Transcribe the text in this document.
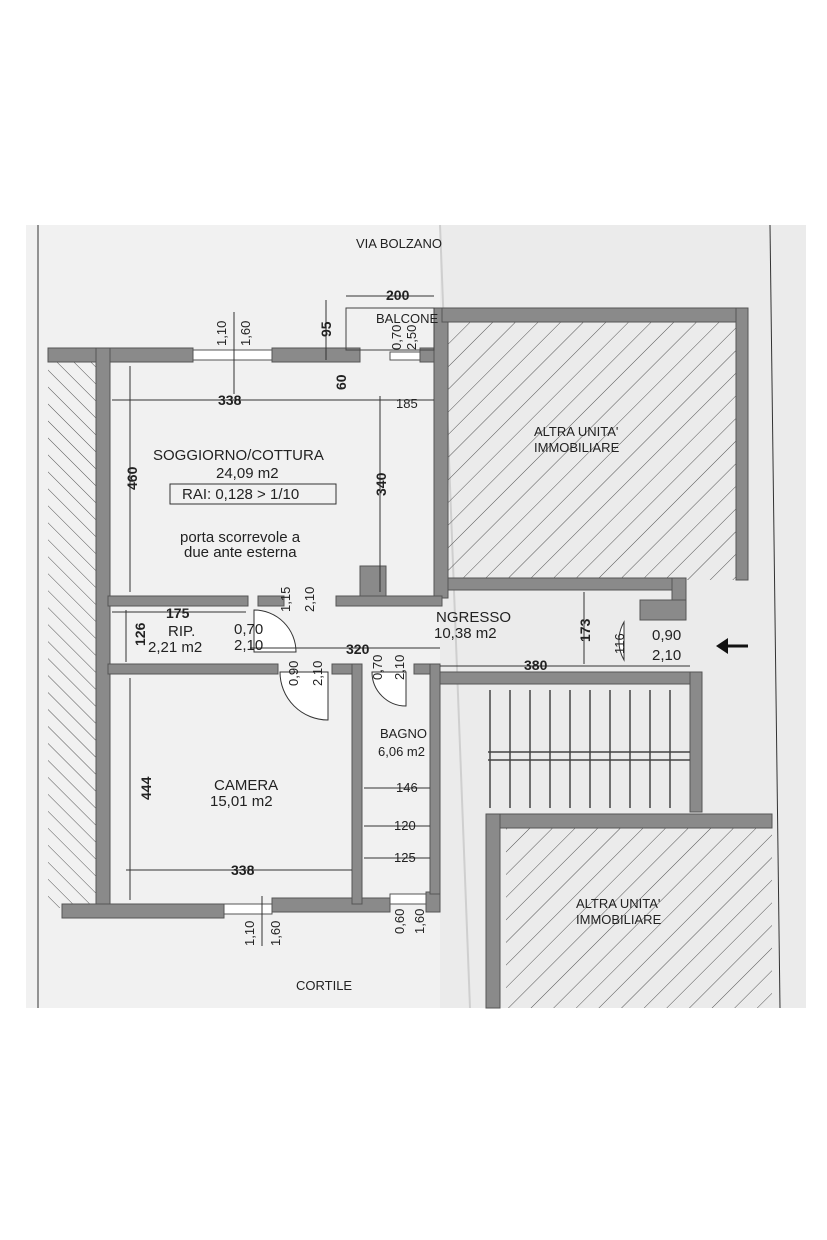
VIA BOLZANO
CORTILE
200
BALCONE
95
1,10 1,60	0,70 2,50
338
60
185
460	340
SOGGIORNO/COTTURA
24,09 m2
RAI: 0,128 > 1/10
porta scorrevole a
due ante esterna
1,15 2,10
175
126 RIP.
2,21 m2
0,70
2,10	320
NGRESSO
10,38 m2
380
173
116 0,90
2,10
0,90 2,10	0,70 2,10
BAGNO
6,06 m2
146
120
125
444	CAMERA
15,01 m2
338
1,10 1,60	0,60 1,60
ALTRA UNITA'
IMMOBILIARE
ALTRA UNITA'
IMMOBILIARE
